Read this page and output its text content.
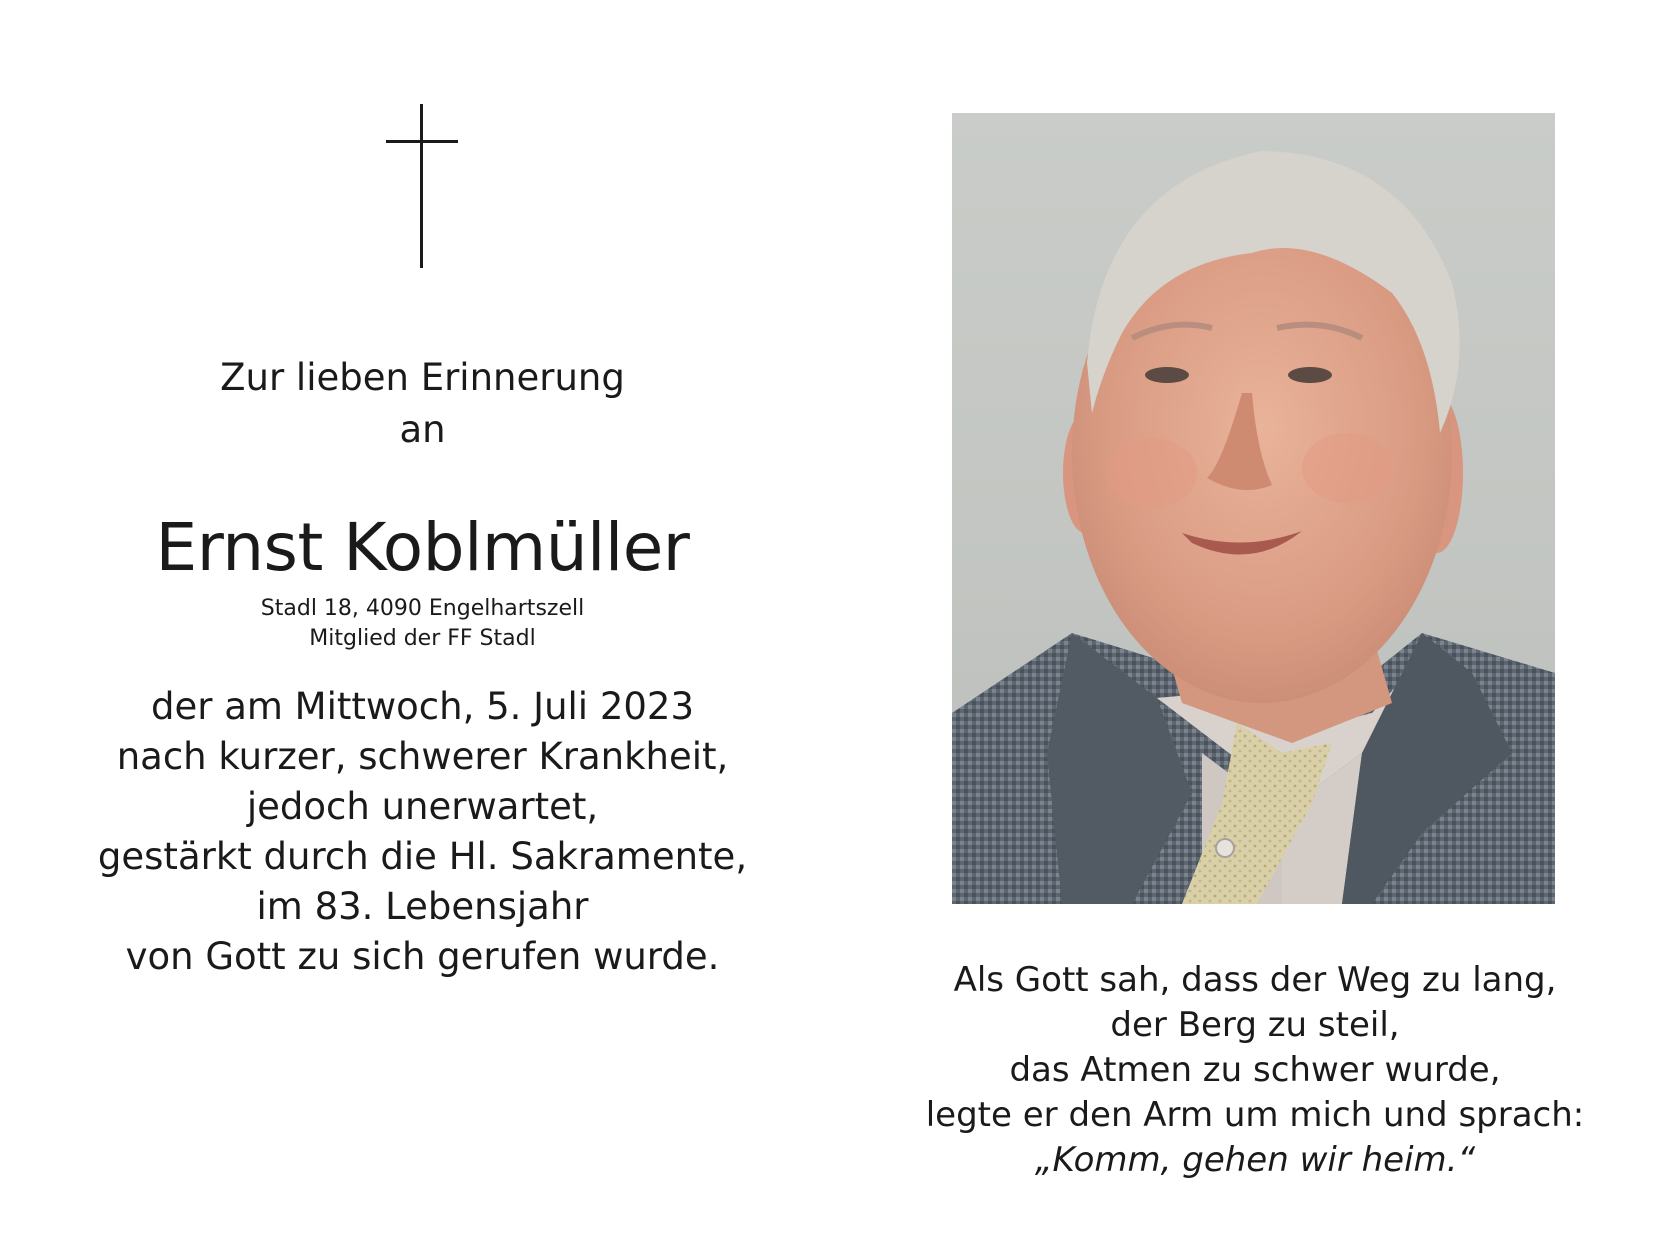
Zur lieben Erinnerung
an
Ernst Koblmüller
Stadl 18, 4090 Engelhartszell
Mitglied der FF Stadl
der am Mittwoch, 5. Juli 2023
nach kurzer, schwerer Krankheit,
jedoch unerwartet,
gestärkt durch die Hl. Sakramente,
im 83. Lebensjahr
von Gott zu sich gerufen wurde.
Als Gott sah, dass der Weg zu lang,
der Berg zu steil,
das Atmen zu schwer wurde,
legte er den Arm um mich und sprach:
„Komm, gehen wir heim.“
